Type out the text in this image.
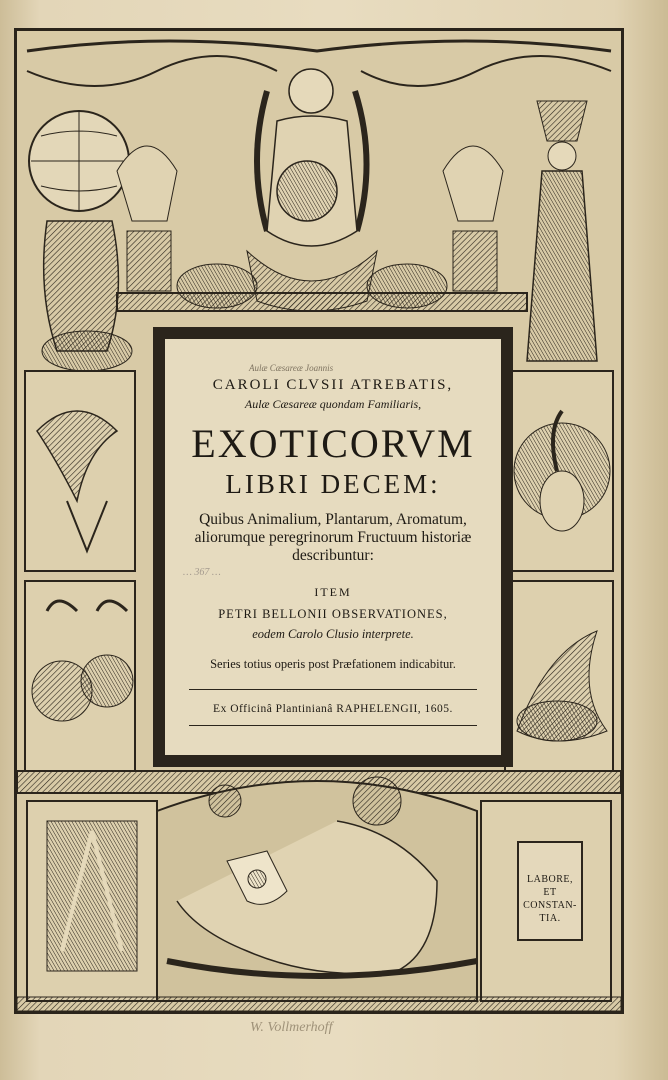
Aulæ Cæsareæ Joannis
CAROLI CLVSII ATREBATIS,
Aulæ Cæsareæ quondam Familiaris,
EXOTICORVM
LIBRI DECEM:
Quibus Animalium, Plantarum, Aromatum, aliorumque peregrinorum Fructuum historiæ describuntur:
… 367 …
ITEM
PETRI BELLONII OBSERVATIONES,
eodem Carolo Clusio interprete.
Series totius operis post Præfationem indicabitur.
Ex Officinâ Plantinianâ RAPHELENGII, 1605.
LABORE,
ET
CONSTAN-
TIA.
W. Vollmerhoff
